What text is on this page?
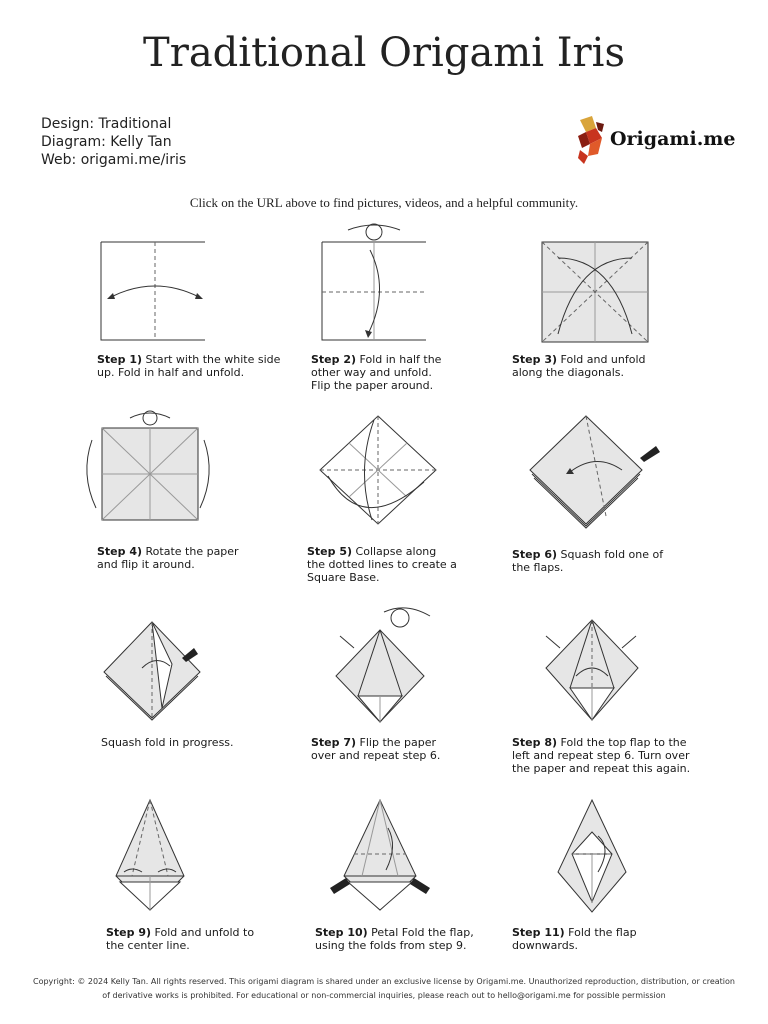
Traditional Origami Iris
Design: Traditional
Diagram: Kelly Tan
Web: origami.me/iris
Origami.me
Click on the URL above to find pictures, videos, and a helpful community.
Step 1) Start with the white side up. Fold in half and unfold.
Step 2) Fold in half the other way and unfold. Flip the paper around.
Step 3) Fold and unfold along the diagonals.
Step 4) Rotate the paper and flip it around.
Step 5) Collapse along the dotted lines to create a Square Base.
Step 6) Squash fold one of the flaps.
Squash fold in progress.	Step 7) Flip the paper over and repeat step 6.
Step 8) Fold the top flap to the left and repeat step 6. Turn over the paper and repeat this again.
Step 9) Fold and unfold to the center line.
Step 10) Petal Fold the flap, using the folds from step 9.
Step 11) Fold the flap downwards.
Copyright: © 2024 Kelly Tan. All rights reserved. This origami diagram is shared under an exclusive license by Origami.me. Unauthorized reproduction, distribution, or creation
of derivative works is prohibited. For educational or non-commercial inquiries, please reach out to hello@origami.me for possible permission
